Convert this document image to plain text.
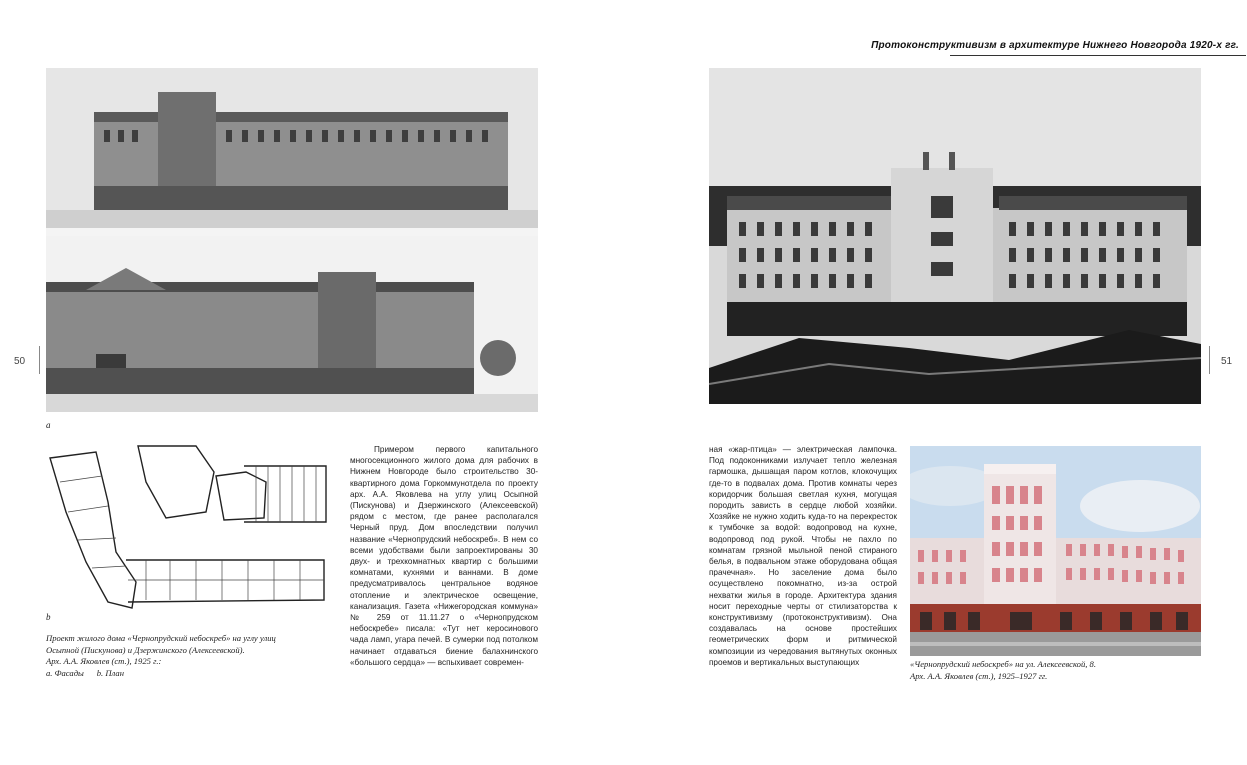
Протоконструктивизм в архитектуре Нижнего Новгорода 1920-х гг.
50	51
a
b
Проект жилого дома «Чернопрудский небоскреб» на углу улиц
Осыпной (Пискунова) и Дзержинского (Алексеевской).
Арх. А.А. Яковлев (ст.), 1925 г.:
a. Фасады      b. План

Примером первого капитального многосекционного жилого дома для рабочих в Нижнем Новгороде было строительство 30-квартирного дома Горкоммунотдела по проекту арх. А.А. Яковлева на углу улиц Осыпной (Пискунова) и Дзержинского (Алексеевской) рядом с местом, где ранее располагался Черный пруд. Дом впоследствии получил название «Чернопрудский небоскреб». В нем со всеми удобствами были запроектированы 30 двух- и трехкомнатных квартир с большими комнатами, кухнями и ваннами. В доме предусматривалось центральное водяное отопление и электрическое освещение, канализация. Газета «Нижегородская коммуна» № 259 от 11.11.27 о «Чернопрудском небоскребе» писала: «Тут нет керосинового чада ламп, угара печей. В сумерки под потолком начинает отдаваться биение балахнинского «большого сердца» — вспыхивает современ-

ная «жар-птица» — электрическая лампочка. Под подоконниками излучает тепло железная гармошка, дышащая паром котлов, клокочущих где-то в подвалах дома. Против комнаты через коридорчик большая светлая кухня, могущая породить зависть в сердце любой хозяйки. Хозяйке не нужно ходить куда-то на перекресток к тумбочке за водой: водопровод на кухне, водопровод под рукой. Чтобы не пахло по комнатам грязной мыльной пеной стираного белья, в подвальном этаже оборудована общая прачечная». Но заселение дома было осуществлено покомнатно, из-за острой нехватки жилья в городе. Архитектура здания носит переходные черты от стилизаторства к конструктивизму (протоконструктивизм). Она создавалась на основе простейших геометрических форм и ритмической композиции из чередования вытянутых оконных проемов и вертикальных выступающих	«Чернопрудский небоскреб» на ул. Алексеевской, 8.
Арх. А.А. Яковлев (ст.), 1925–1927 гг.
